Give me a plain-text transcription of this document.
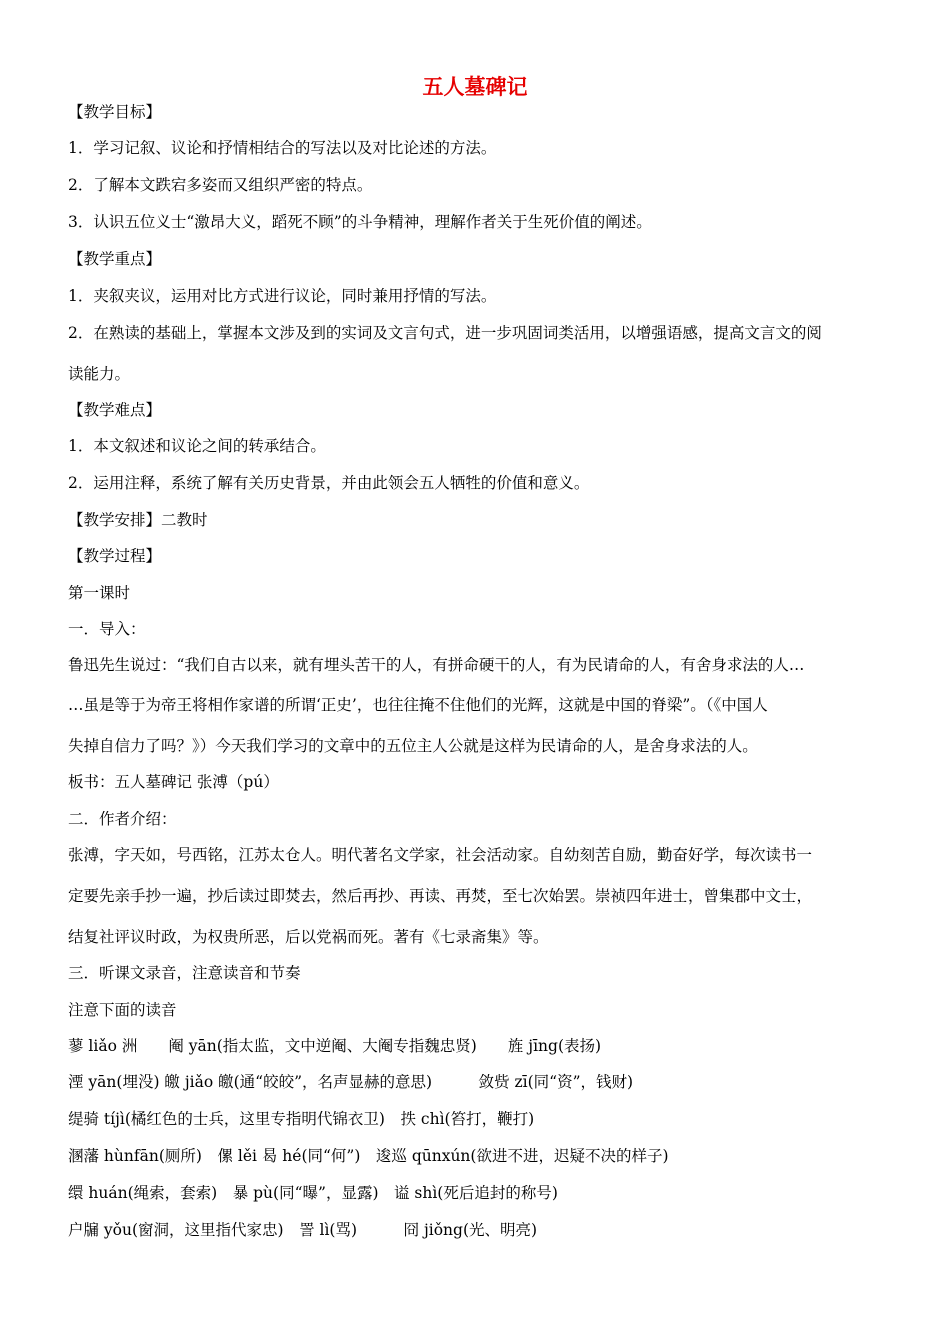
五人墓碑记
【教学目标】
1．学习记叙、议论和抒情相结合的写法以及对比论述的方法。
2．了解本文跌宕多姿而又组织严密的特点。
3．认识五位义士“激昂大义，蹈死不顾”的斗争精神，理解作者关于生死价值的阐述。
【教学重点】
1．夹叙夹议，运用对比方式进行议论，同时兼用抒情的写法。
2．在熟读的基础上，掌握本文涉及到的实词及文言句式，进一步巩固词类活用，以增强语感，提高文言文的阅
读能力。
【教学难点】
1．本文叙述和议论之间的转承结合。
2．运用注释，系统了解有关历史背景，并由此领会五人牺牲的价值和意义。
【教学安排】二教时
【教学过程】
第一课时
一．导入：
鲁迅先生说过：“我们自古以来，就有埋头苦干的人，有拼命硬干的人，有为民请命的人，有舍身求法的人…
…虽是等于为帝王将相作家谱的所谓‘正史’，也往往掩不住他们的光辉，这就是中国的脊梁”。（《中国人
失掉自信力了吗？》）今天我们学习的文章中的五位主人公就是这样为民请命的人，是舍身求法的人。
板书：五人墓碑记 张溥（pú）
二．作者介绍：
张溥，字天如，号西铭，江苏太仓人。明代著名文学家，社会活动家。自幼刻苦自励，勤奋好学，每次读书一
定要先亲手抄一遍，抄后读过即焚去，然后再抄、再读、再焚，至七次始罢。崇祯四年进士，曾集郡中文士，
结复社评议时政，为权贵所恶，后以党祸而死。著有《七录斋集》等。
三．听课文录音，注意读音和节奏
注意下面的读音
蓼 liǎo 洲　　阉 yān(指太监，文中逆阉、大阉专指魏忠贤)　　旌 jīng(表扬)
湮 yān(埋没) 皦 jiǎo 皦(通“皎皎”，名声显赫的意思)　　　敛赀 zī(同“资”，钱财)
缇骑 tíjì(橘红色的士兵，这里专指明代锦衣卫)　抶 chì(笞打，鞭打)
溷藩 hùnfān(厕所)　傫 lěi 曷 hé(同“何”)　逡巡 qūnxún(欲进不进，迟疑不决的样子)
缳 huán(绳索，套索)　暴 pù(同“曝”，显露)　谥 shì(死后追封的称号)
户牖 yǒu(窗洞，这里指代家忠)　詈 lì(骂)　　　冏 jiǒng(光、明亮)
